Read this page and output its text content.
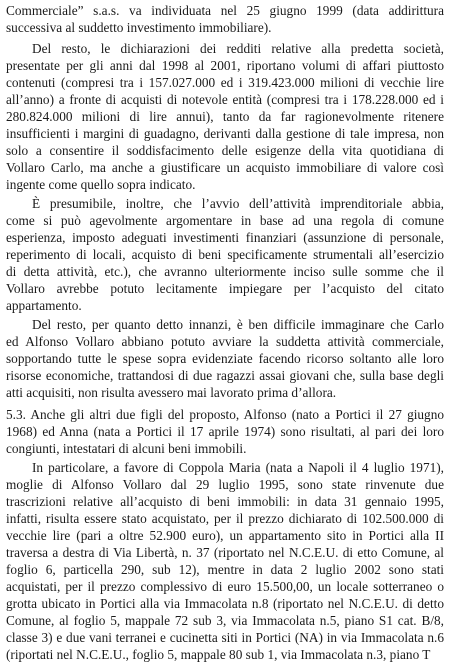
Commerciale” s.a.s. va individuata nel 25 giugno 1999 (data addirittura
successiva al suddetto investimento immobiliare).
Del resto, le dichiarazioni dei redditi relative alla predetta società,
presentate per gli anni dal 1998 al 2001, riportano volumi di affari piuttosto
contenuti (compresi tra i 157.027.000 ed i 319.423.000 milioni di vecchie lire
all’anno) a fronte di acquisti di notevole entità (compresi tra i 178.228.000 ed i
280.824.000 milioni di lire annui), tanto da far ragionevolmente ritenere
insufficienti i margini di guadagno, derivanti dalla gestione di tale impresa, non
solo a consentire il soddisfacimento delle esigenze della vita quotidiana di
Vollaro Carlo, ma anche a giustificare un acquisto immobiliare di valore così
ingente come quello sopra indicato.
È presumibile, inoltre, che l’avvio dell’attività imprenditoriale abbia,
come si può agevolmente argomentare in base ad una regola di comune
esperienza, imposto adeguati investimenti finanziari (assunzione di personale,
reperimento di locali, acquisto di beni specificamente strumentali all’esercizio
di detta attività, etc.), che avranno ulteriormente inciso sulle somme che il
Vollaro avrebbe potuto lecitamente impiegare per l’acquisto del citato
appartamento.
Del resto, per quanto detto innanzi, è ben difficile immaginare che Carlo
ed Alfonso Vollaro abbiano potuto avviare la suddetta attività commerciale,
sopportando tutte le spese sopra evidenziate facendo ricorso soltanto alle loro
risorse economiche, trattandosi di due ragazzi assai giovani che, sulla base degli
atti acquisiti, non risulta avessero mai lavorato prima d’allora.
5.3. Anche gli altri due figli del proposto, Alfonso (nato a Portici il 27 giugno
1968) ed Anna (nata a Portici il 17 aprile 1974) sono risultati, al pari dei loro
congiunti, intestatari di alcuni beni immobili.
In particolare, a favore di Coppola Maria (nata a Napoli il 4 luglio 1971),
moglie di Alfonso Vollaro dal 29 luglio 1995, sono state rinvenute due
trascrizioni relative all’acquisto di beni immobili: in data 31 gennaio 1995,
infatti, risulta essere stato acquistato, per il prezzo dichiarato di 102.500.000 di
vecchie lire (pari a oltre 52.900 euro), un appartamento sito in Portici alla II
traversa a destra di Via Libertà, n. 37 (riportato nel N.C.E.U. di etto Comune, al
foglio 6, particella 290, sub 12), mentre in data 2 luglio 2002 sono stati
acquistati, per il prezzo complessivo di euro 15.500,00, un locale sotterraneo o
grotta ubicato in Portici alla via Immacolata n.8 (riportato nel N.C.E.U. di detto
Comune, al foglio 5, mappale 72 sub 3, via Immacolata n.5, piano S1 cat. B/8,
classe 3) e due vani terranei e cucinetta siti in Portici (NA) in via Immacolata n.6
(riportati nel N.C.E.U., foglio 5, mappale 80 sub 1, via Immacolata n.3, piano T
